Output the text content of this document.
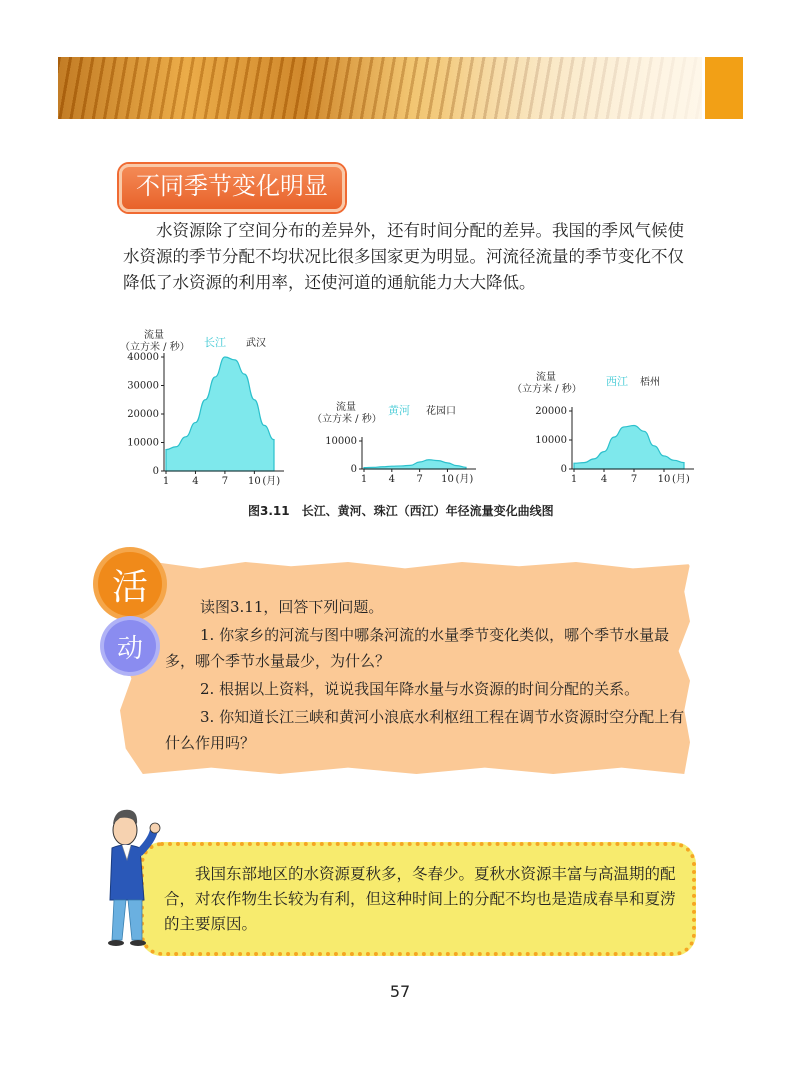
不同季节变化明显

水资源除了空间分布的差异外，还有时间分配的差异。我国的季风气候使水资源的季节分配不均状况比很多国家更为明显。河流径流量的季节变化不仅降低了水资源的利用率，还使河道的通航能力大大降低。

0
10000
20000
30000
40000
1 4 7 10 (月)
流量
（立方米 / 秒） 长江 武汉
0
10000
1 4 7 10 (月)
流量
（立方米 / 秒）
黄河 花园口
0
10000
20000
1 4 7 10 (月)
流量
（立方米 / 秒）
西江 梧州
图3.11　长江、黄河、珠江（西江）年径流量变化曲线图
活
动

读图3.11，回答下列问题。

1. 你家乡的河流与图中哪条河流的水量季节变化类似，哪个季节水量最多，哪个季节水量最少，为什么？

2. 根据以上资料，说说我国年降水量与水资源的时间分配的关系。

3. 你知道长江三峡和黄河小浪底水利枢纽工程在调节水资源时空分配上有什么作用吗？

我国东部地区的水资源夏秋多，冬春少。夏秋水资源丰富与高温期的配合，对农作物生长较为有利，但这种时间上的分配不均也是造成春旱和夏涝的主要原因。

57
